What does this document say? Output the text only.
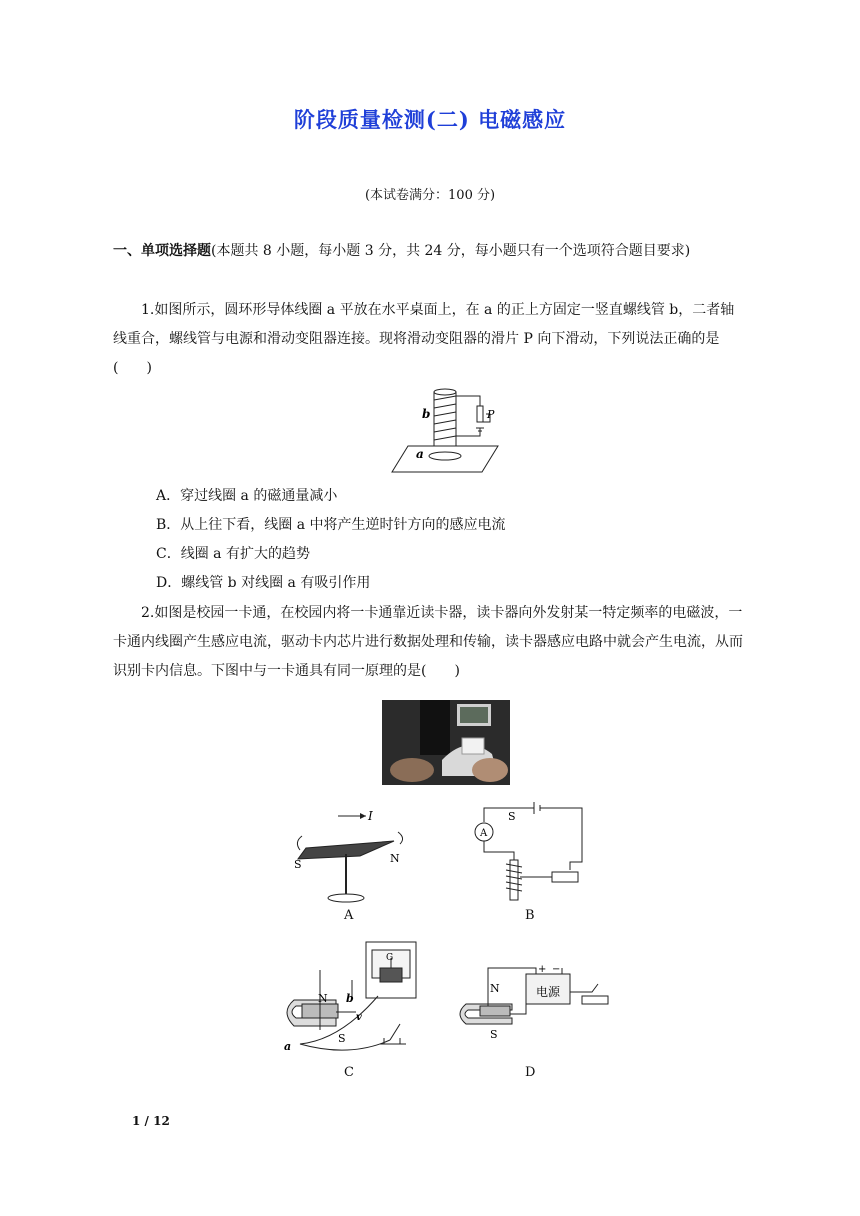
阶段质量检测(二) 电磁感应
(本试卷满分：100 分)
一、单项选择题(本题共 8 小题，每小题 3 分，共 24 分，每小题只有一个选项符合题目要求)
1.如图所示，圆环形导体线圈 a 平放在水平桌面上，在 a 的正上方固定一竖直螺线管 b，二者轴线重合，螺线管与电源和滑动变阻器连接。现将滑动变阻器的滑片 P 向下滑动，下列说法正确的是(　　)
b	P
a
A．穿过线圈 a 的磁通量减小
B．从上往下看，线圈 a 中将产生逆时针方向的感应电流
C．线圈 a 有扩大的趋势
D．螺线管 b 对线圈 a 有吸引作用
2.如图是校园一卡通，在校园内将一卡通靠近读卡器，读卡器向外发射某一特定频率的电磁波，一卡通内线圈产生感应电流，驱动卡内芯片进行数据处理和传输，读卡器感应电路中就会产生电流，从而识别卡内信息。下图中与一卡通具有同一原理的是(　　)
I
S	N
A
A
S
B
G
N b
v
S
a
C
+ −
电源
N
S
D
1 / 12
